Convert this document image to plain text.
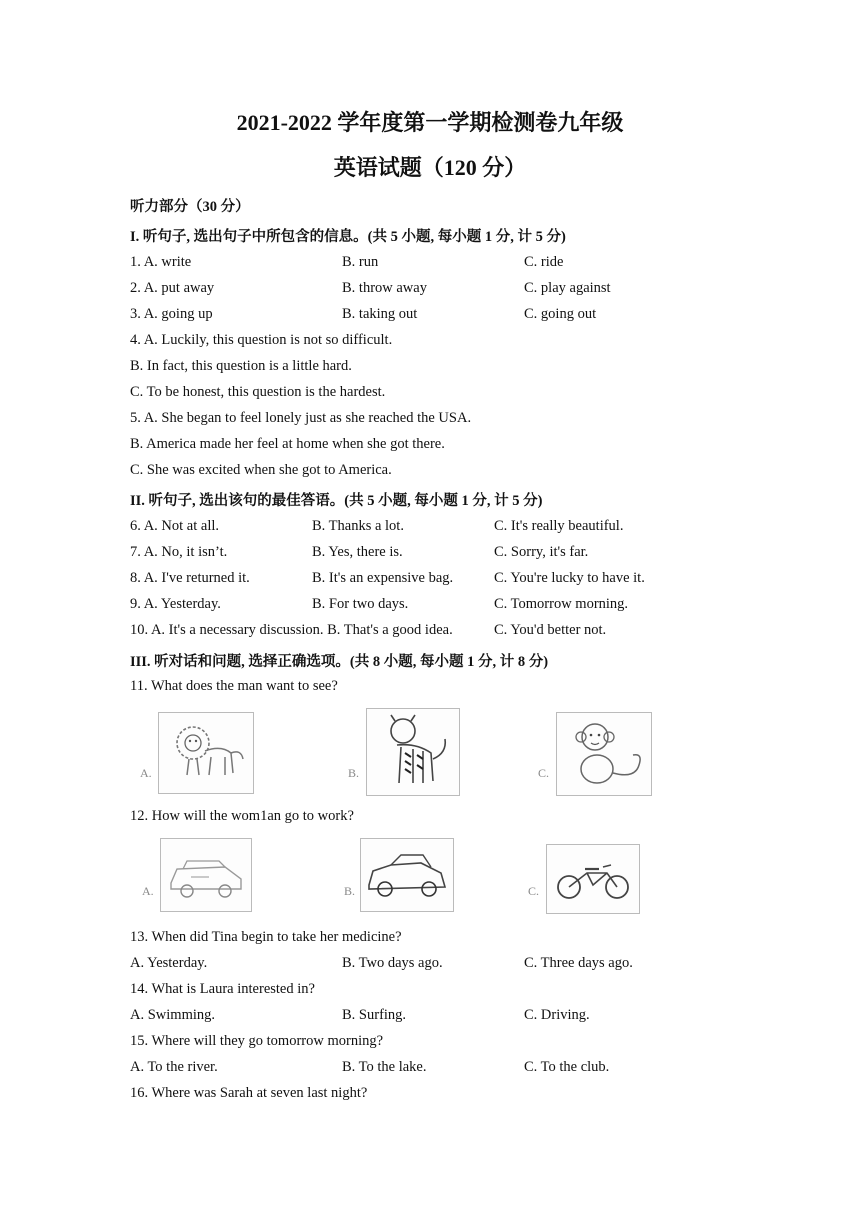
2021-2022 学年度第一学期检测卷九年级
英语试题（120 分）
听力部分（30 分）
I. 听句子, 选出句子中所包含的信息。(共 5 小题, 每小题 1 分, 计 5 分)
1. A. write	B. run	C. ride
2. A. put away	B. throw away	C. play against
3. A. going up	B. taking out	C. going out
4. A. Luckily, this question is not so difficult.
B. In fact, this question is a little hard.
C. To be honest, this question is the hardest.
5. A. She began to feel lonely just as she reached the USA.
B. America made her feel at home when she got there.
C. She was excited when she got to America.
II. 听句子, 选出该句的最佳答语。(共 5 小题, 每小题 1 分, 计 5 分)
6. A. Not at all.	B. Thanks a lot.	C. It's really beautiful.
7. A. No, it isn’t.	B. Yes, there is.	C. Sorry, it's far.
8. A. I've returned it.	B. It's an expensive bag.	C. You're lucky to have it.
9. A. Yesterday.	B. For two days.	C. Tomorrow morning.
10. A. It's a necessary discussion. B. That's a good idea.	C. You'd better not.
III. 听对话和问题, 选择正确选项。(共 8 小题, 每小题 1 分, 计 8 分)
11. What does the man want to see?
A.	B.	C.
12. How will the wom1an go to work?
A.	B.	C.
13. When did Tina begin to take her medicine?
A. Yesterday.	B. Two days ago.	C. Three days ago.
14. What is Laura interested in?
A. Swimming.	B. Surfing.	C. Driving.
15. Where will they go tomorrow morning?
A. To the river.	B. To the lake.	C. To the club.
16. Where was Sarah at seven last night?
